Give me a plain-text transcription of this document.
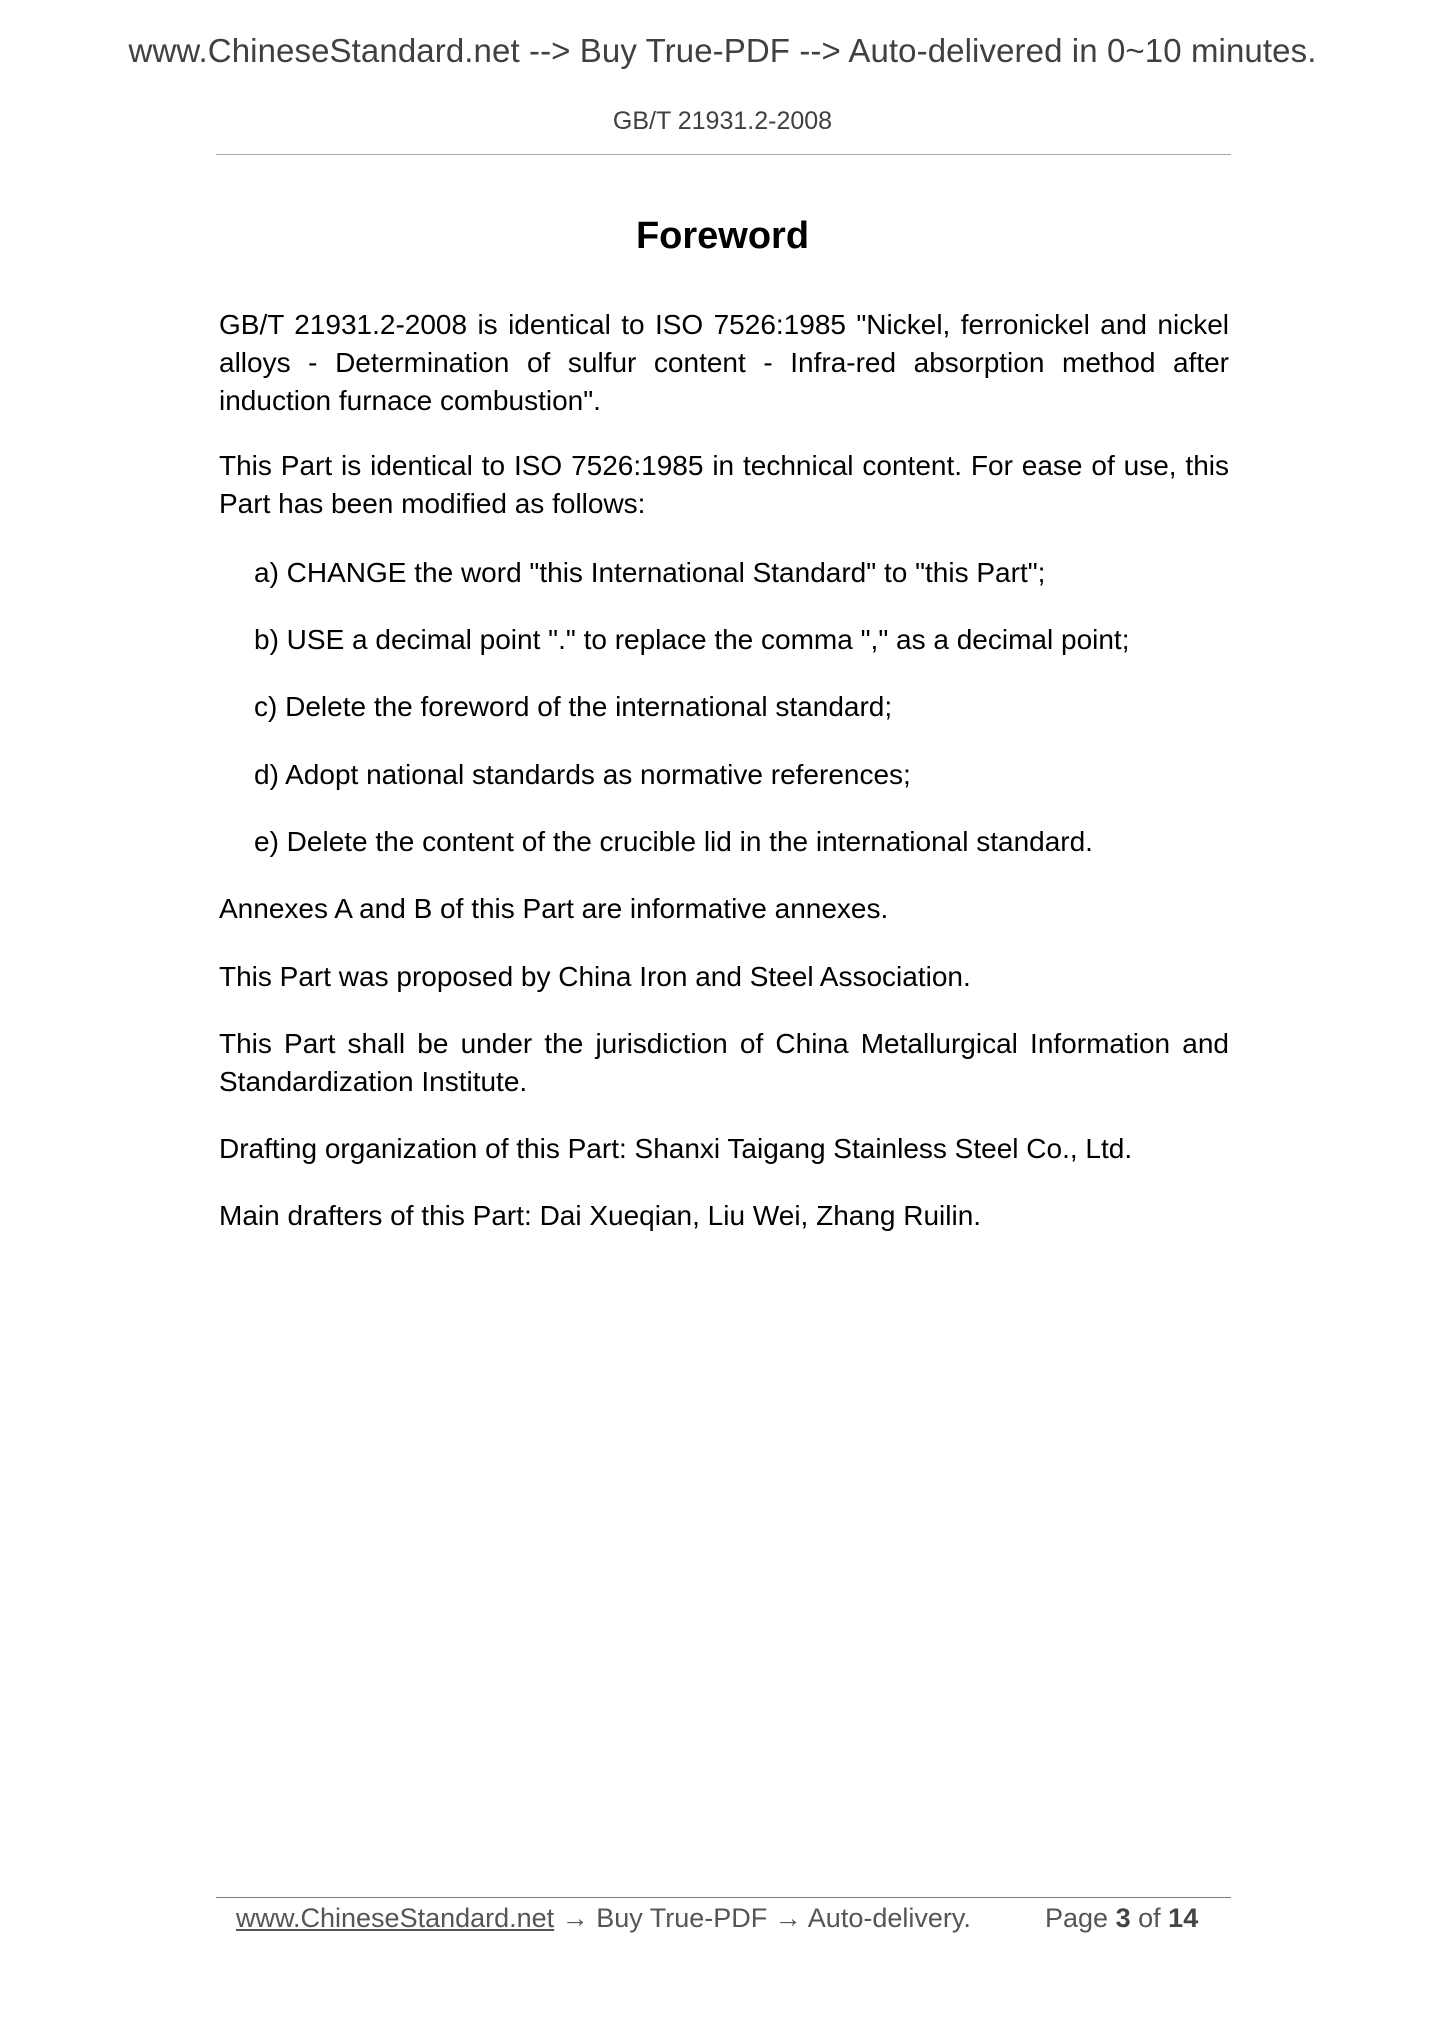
www.ChineseStandard.net --> Buy True-PDF --> Auto-delivered in 0~10 minutes.
GB/T 21931.2-2008
Foreword

GB/T 21931.2-2008 is identical to ISO 7526:1985 "Nickel, ferronickel and nickel alloys - Determination of sulfur content - Infra-red absorption method after induction furnace combustion".

This Part is identical to ISO 7526:1985 in technical content. For ease of use, this Part has been modified as follows:

a) CHANGE the word "this International Standard" to "this Part";

b) USE a decimal point "." to replace the comma "," as a decimal point;

c) Delete the foreword of the international standard;

d) Adopt national standards as normative references;

e) Delete the content of the crucible lid in the international standard.

Annexes A and B of this Part are informative annexes.

This Part was proposed by China Iron and Steel Association.

This Part shall be under the jurisdiction of China Metallurgical Information and Standardization Institute.

Drafting organization of this Part: Shanxi Taigang Stainless Steel Co., Ltd.

Main drafters of this Part: Dai Xueqian, Liu Wei, Zhang Ruilin.

www.ChineseStandard.net → Buy True-PDF → Auto-delivery.	Page 3 of 14
